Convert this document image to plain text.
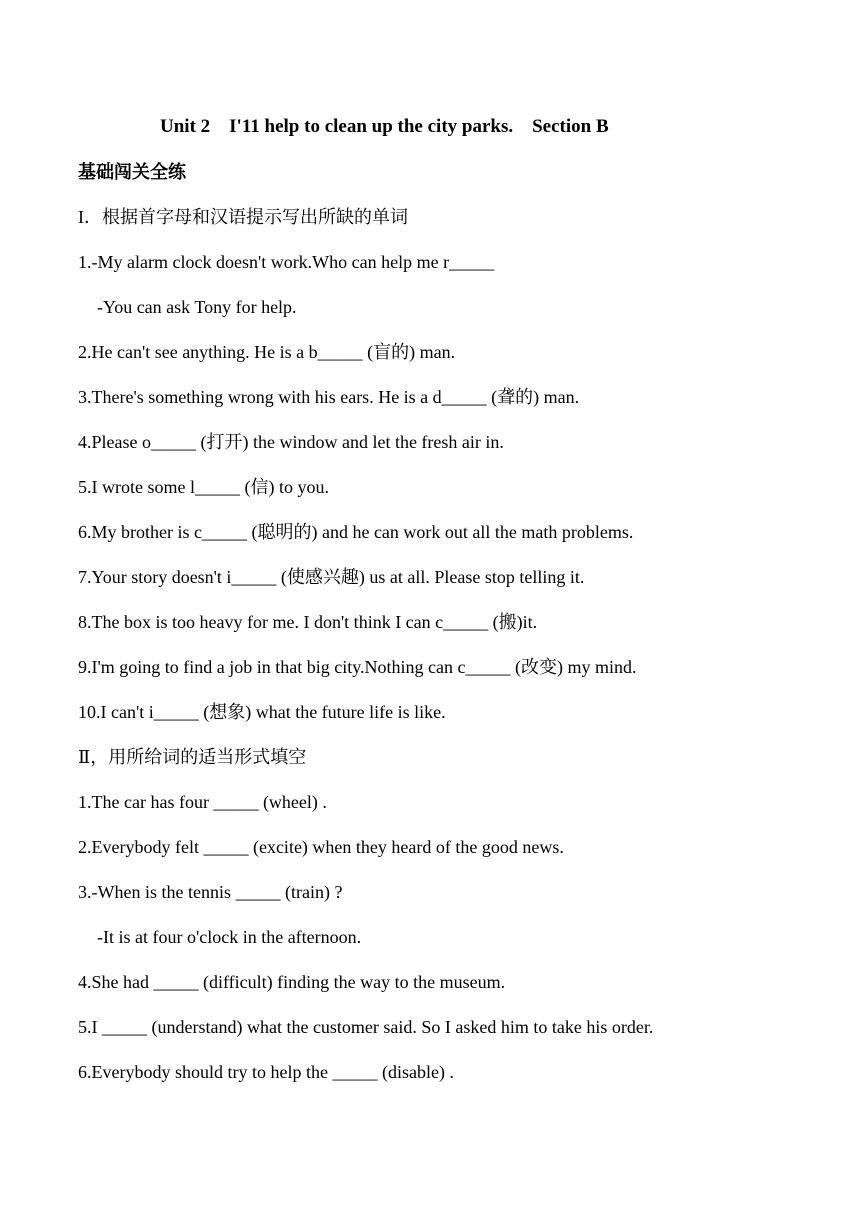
Unit 2    I'11 help to clean up the city parks.    Section B
基础闯关全练
I．根据首字母和汉语提示写出所缺的单词
1.-My alarm clock doesn't work.Who can help me r_____
-You can ask Tony for help.
2.He can't see anything. He is a b_____ (盲的) man.
3.There's something wrong with his ears. He is a d_____ (聋的) man.
4.Please o_____ (打开) the window and let the fresh air in.
5.I wrote some l_____ (信) to you.
6.My brother is c_____ (聪明的) and he can work out all the math problems.
7.Your story doesn't i_____ (使感兴趣) us at all. Please stop telling it.
8.The box is too heavy for me. I don't think I can c_____ (搬)it.
9.I'm going to find a job in that big city.Nothing can c_____ (改变) my mind.
10.I can't i_____ (想象) what the future life is like.
Ⅱ，用所给词的适当形式填空
1.The car has four _____ (wheel) .
2.Everybody felt _____ (excite) when they heard of the good news.
3.-When is the tennis _____ (train) ?
-It is at four o'clock in the afternoon.
4.She had _____ (difficult) finding the way to the museum.
5.I _____ (understand) what the customer said. So I asked him to take his order.
6.Everybody should try to help the _____ (disable) .
